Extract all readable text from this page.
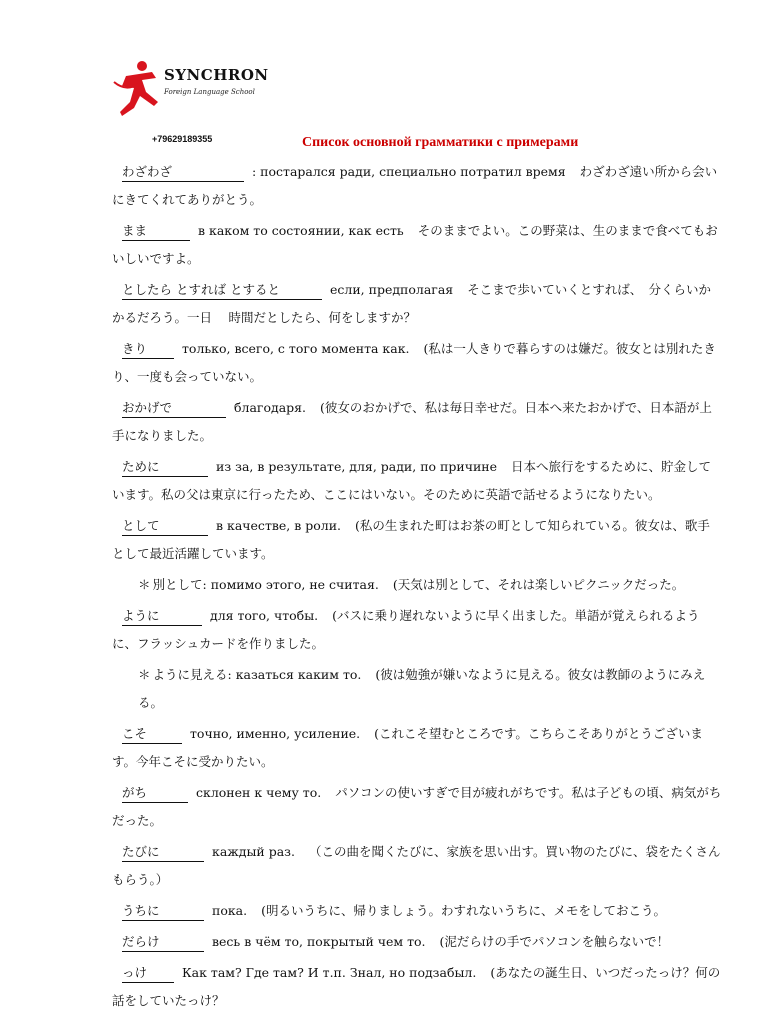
SYNCHRON
Foreign Language School
+79629189355	Список основной грамматики с примерами
わざわざ	: постарался ради, специально потратил время わざわざ遠い所から会いにきてくれてありがとう。
まま	в каком то состоянии, как есть そのままでよい。この野菜は、生のままで食べてもおいしいですよ。
としたら とすれば とすると	если, предполагая そこまで歩いていくとすれば、　分くらいかかるだろう。一日　 時間だとしたら、何をしますか？
きり	только, всего, с того момента как. (私は一人きりで暮らすのは嫌だ。彼女とは別れたきり、一度も会っていない。
おかげで	благодаря. (彼女のおかげで、私は毎日幸せだ。日本へ来たおかげで、日本語が上手になりました。
ために	из за, в результате, для, ради, по причине 日本へ旅行をするために、貯金しています。私の父は東京に行ったため、ここにはいない。そのために英語で話せるようになりたい。
として	в качестве, в роли. (私の生まれた町はお茶の町として知られている。彼女は、歌手として最近活躍しています。
＊ 別として: помимо этого, не считая. (天気は別として、それは楽しいピクニックだった。
ように	для того, чтобы. (バスに乗り遅れないように早く出ました。単語が覚えられるように、フラッシュカードを作りました。
＊ ように見える: казаться каким то. (彼は勉強が嫌いなように見える。彼女は教師のようにみえる。
こそ	точно, именно, усиление. (これこそ望むところです。こちらこそありがとうございます。今年こそに受かりたい。
がち	склонен к чему то. パソコンの使いすぎで目が疲れがちです。私は子どもの頃、病気がちだった。
たびに	каждый раз. （この曲を聞くたびに、家族を思い出す。買い物のたびに、袋をたくさんもらう。）
うちに	пока. (明るいうちに、帰りましょう。わすれないうちに、メモをしておこう。
だらけ	весь в чём то, покрытый чем то. (泥だらけの手でパソコンを触らないで！
っけ	Как там? Где там? И т.п. Знал, но подзабыл. (あなたの誕生日、いつだったっけ？何の話をしていたっけ？
